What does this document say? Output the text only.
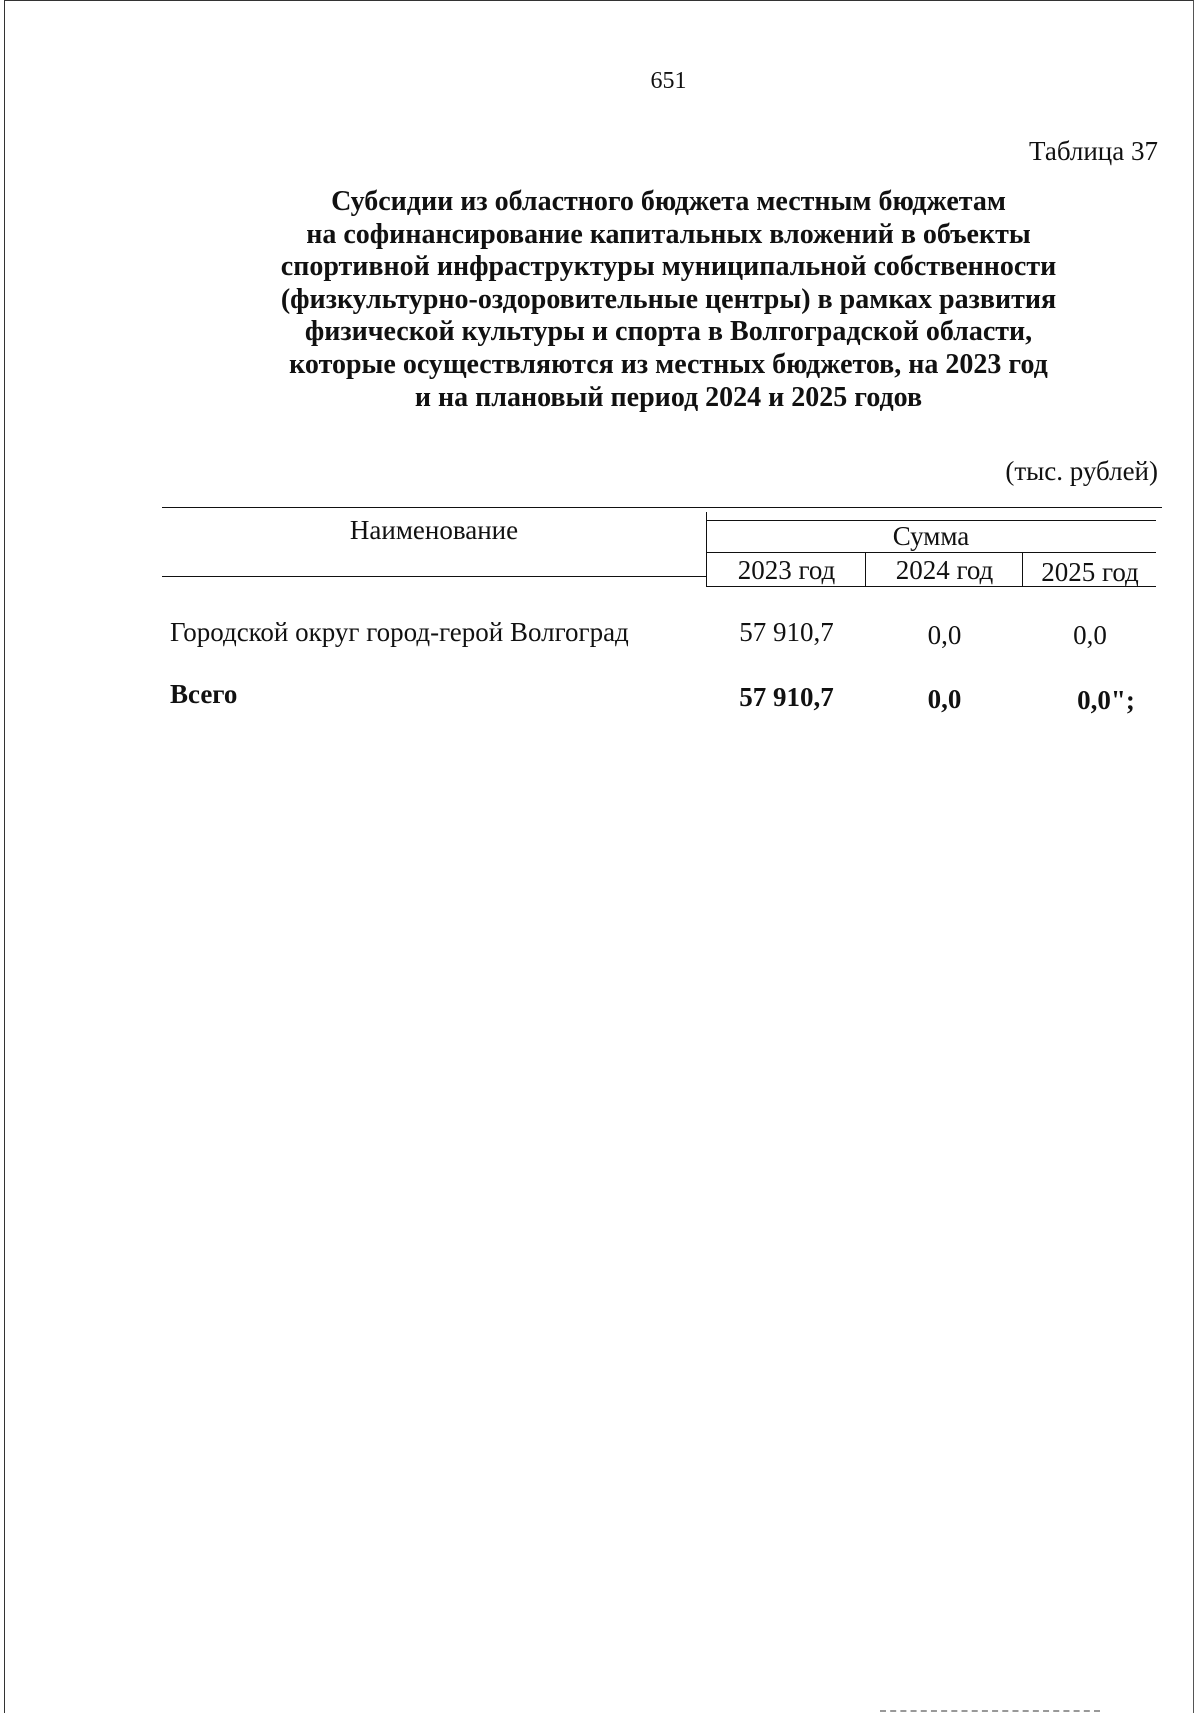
651
Таблица 37
Субсидии из областного бюджета местным бюджетам
на софинансирование капитальных вложений в объекты
спортивной инфраструктуры муниципальной собственности
(физкультурно-оздоровительные центры) в рамках развития
физической культуры и спорта в Волгоградской области,
которые осуществляются из местных бюджетов, на 2023 год
и на плановый период 2024 и 2025 годов
(тыс. рублей)
Наименование	Сумма
2023 год	2024 год	2025 год
Городской округ город-герой Волгоград	57 910,7	0,0	0,0
Всего	57 910,7	0,0	0,0";
